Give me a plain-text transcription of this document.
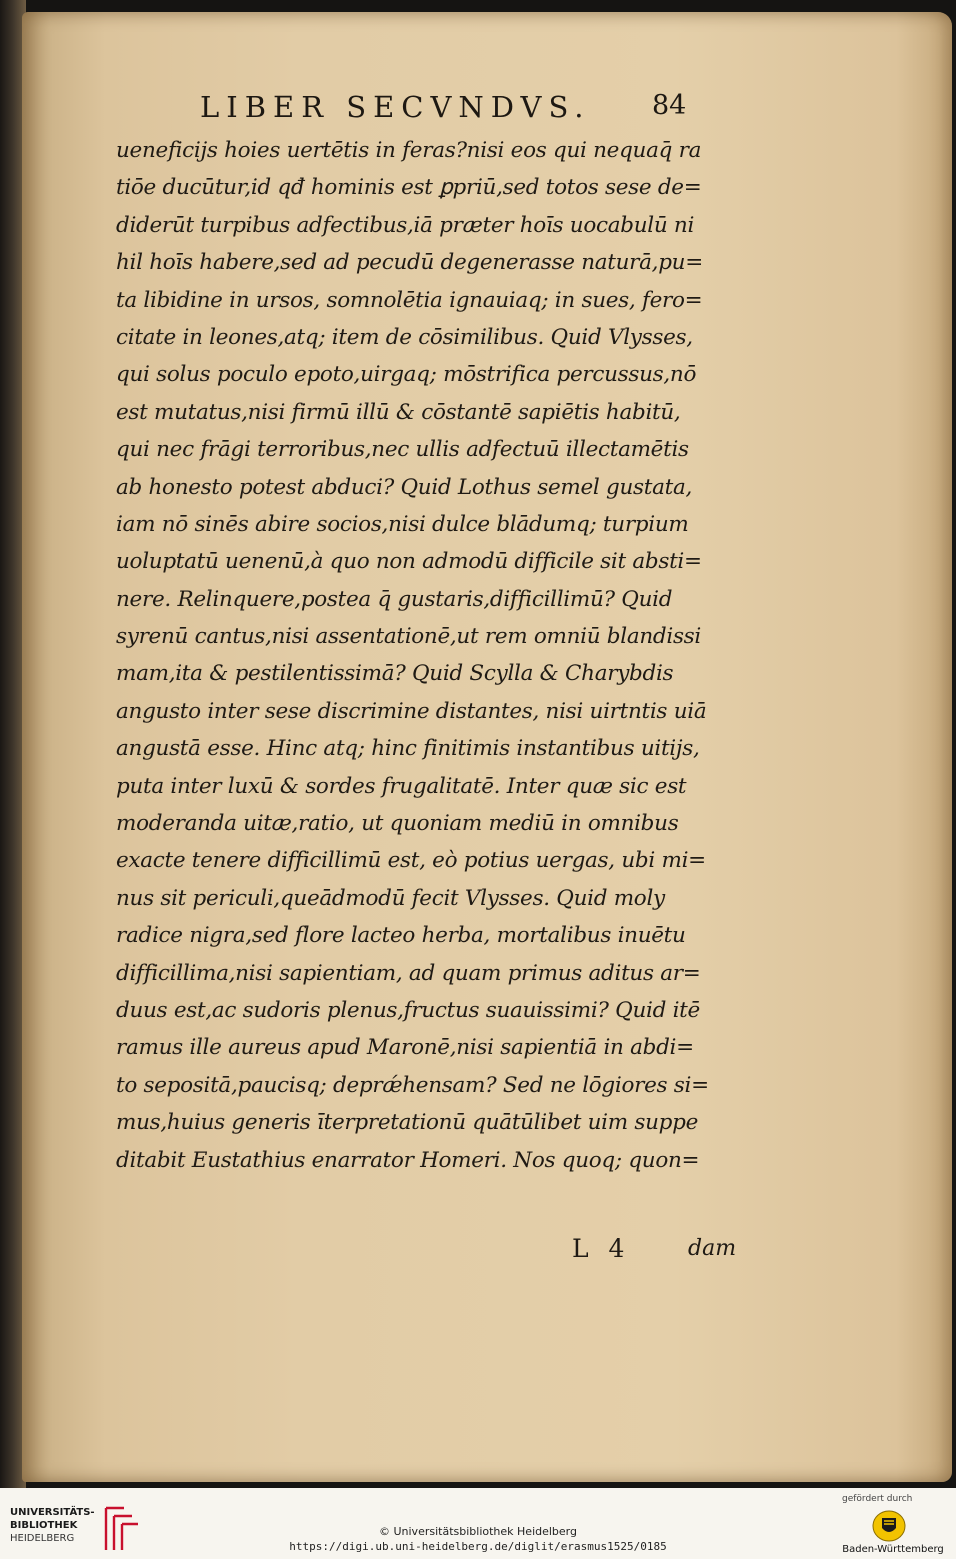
LIBER SECVNDVS. 84
ueneficijs hoies uertētis in feras?nisi eos qui nequaq̄ ra
tiōe ducūtur,id qđ hominis est ꝑpriū,sed totos sese de=
diderūt turpibus adfectibus,iā præter hoīs uocabulū ni
hil hoīs habere,sed ad pecudū degenerasse naturā,pu=
ta libidine in ursos, somnolētia ignauiaq; in sues, fero=
citate in leones,atq; item de cōsimilibus. Quid Vlysses,
qui solus poculo epoto,uirgaq; mōstrifica percussus,nō
est mutatus,nisi firmū illū & cōstantē sapiētis habitū,
qui nec frāgi terroribus,nec ullis adfectuū illectamētis
ab honesto potest abduci? Quid Lothus semel gustata,
iam nō sinēs abire socios,nisi dulce blādumq; turpium
uoluptatū uenenū,à quo non admodū difficile sit absti=
nere. Relinquere,postea q̄ gustaris,difficillimū? Quid
syrenū cantus,nisi assentationē,ut rem omniū blandissi
mam,ita & pestilentissimā? Quid Scylla & Charybdis
angusto inter sese discrimine distantes, nisi uirtntis uiā
angustā esse. Hinc atq; hinc finitimis instantibus uitijs,
puta inter luxū & sordes frugalitatē. Inter quæ sic est
moderanda uitæ,ratio, ut quoniam mediū in omnibus
exacte tenere difficillimū est, eò potius uergas, ubi mi=
nus sit periculi,queādmodū fecit Vlysses. Quid moly
radice nigra,sed flore lacteo herba, mortalibus inuētu
difficillima,nisi sapientiam, ad quam primus aditus ar=
duus est,ac sudoris plenus,fructus suauissimi? Quid itē
ramus ille aureus apud Maronē,nisi sapientiā in abdi=
to sepositā,paucisq; deprǽhensam? Sed ne lōgiores si=
mus,huius generis īterpretationū quātūlibet uim suppe
ditabit Eustathius enarrator Homeri. Nos quoq; quon=
L 4	dam
UNIVERSITÄTS-
BIBLIOTHEK
HEIDELBERG
© Universitätsbibliothek Heidelberg
https://digi.ub.uni-heidelberg.de/diglit/erasmus1525/0185
gefördert durch
Baden-Württemberg
